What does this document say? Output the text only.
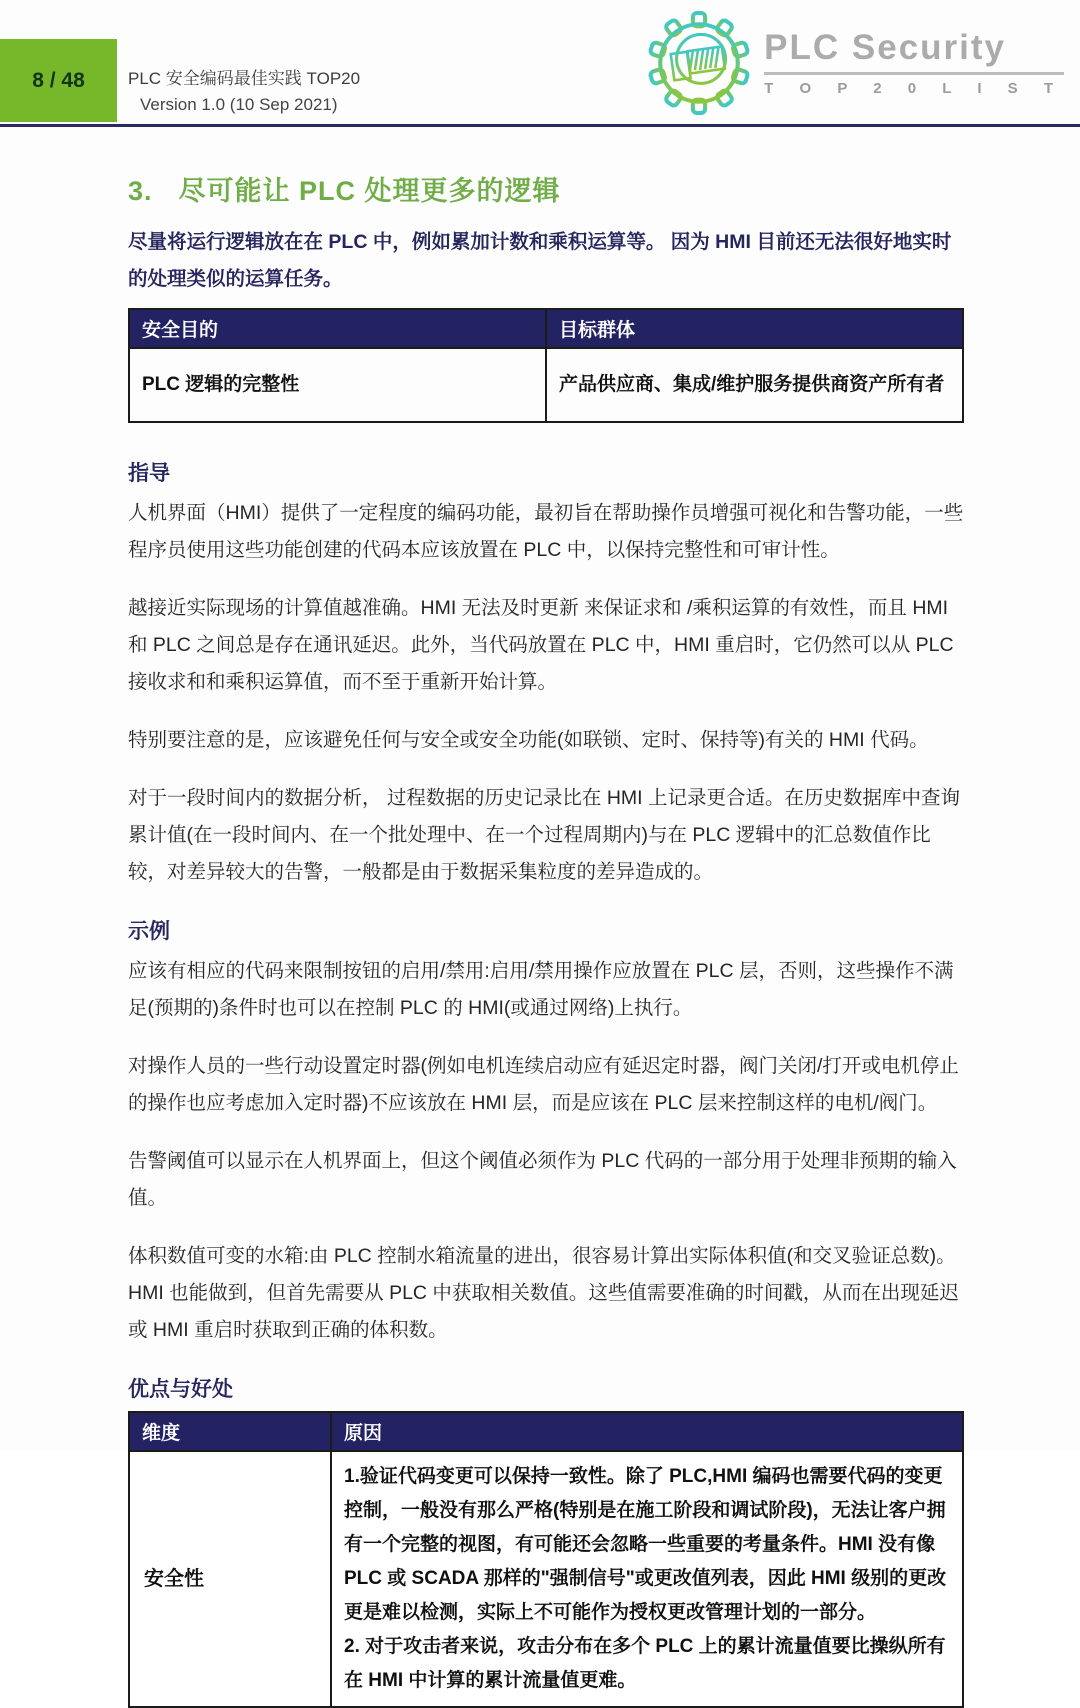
8 / 48	PLC 安全编码最佳实践 TOP20
Version 1.0 (10 Sep 2021)
PLC Security
T O P 2 0 L I S T
3. 尽可能让 PLC 处理更多的逻辑

尽量将运行逻辑放在在 PLC 中，例如累加计数和乘积运算等。 因为 HMI 目前还无法很好地实时的处理类似的运算任务。

安全目的	目标群体
PLC 逻辑的完整性	产品供应商、集成/维护服务提供商资产所有者
指导

人机界面（HMI）提供了一定程度的编码功能，最初旨在帮助操作员增强可视化和告警功能，一些程序员使用这些功能创建的代码本应该放置在 PLC 中，以保持完整性和可审计性。

越接近实际现场的计算值越准确。HMI 无法及时更新 来保证求和 /乘积运算的有效性，而且 HMI 和 PLC 之间总是存在通讯延迟。此外，当代码放置在 PLC 中，HMI 重启时，它仍然可以从 PLC 接收求和和乘积运算值，而不至于重新开始计算。

特别要注意的是，应该避免任何与安全或安全功能(如联锁、定时、保持等)有关的 HMI 代码。

对于一段时间内的数据分析， 过程数据的历史记录比在 HMI 上记录更合适。在历史数据库中查询累计值(在一段时间内、在一个批处理中、在一个过程周期内)与在 PLC 逻辑中的汇总数值作比较，对差异较大的告警，一般都是由于数据采集粒度的差异造成的。

示例

应该有相应的代码来限制按钮的启用/禁用:启用/禁用操作应放置在 PLC 层，否则，这些操作不满足(预期的)条件时也可以在控制 PLC 的 HMI(或通过网络)上执行。

对操作人员的一些行动设置定时器(例如电机连续启动应有延迟定时器，阀门关闭/打开或电机停止的操作也应考虑加入定时器)不应该放在 HMI 层，而是应该在 PLC 层来控制这样的电机/阀门。

告警阈值可以显示在人机界面上，但这个阈值必须作为 PLC 代码的一部分用于处理非预期的输入值。

体积数值可变的水箱:由 PLC 控制水箱流量的进出，很容易计算出实际体积值(和交叉验证总数)。HMI 也能做到，但首先需要从 PLC 中获取相关数值。这些值需要准确的时间戳，从而在出现延迟或 HMI 重启时获取到正确的体积数。

优点与好处
维度	原因
安全性	1.验证代码变更可以保持一致性。除了 PLC,HMI 编码也需要代码的变更控制，一般没有那么严格(特别是在施工阶段和调试阶段)，无法让客户拥有一个完整的视图，有可能还会忽略一些重要的考量条件。HMI 没有像 PLC 或 SCADA 那样的"强制信号"或更改值列表，因此 HMI 级别的更改更是难以检测，实际上不可能作为授权更改管理计划的一部分。
2. 对于攻击者来说，攻击分布在多个 PLC 上的累计流量值要比操纵所有在 HMI 中计算的累计流量值更难。
